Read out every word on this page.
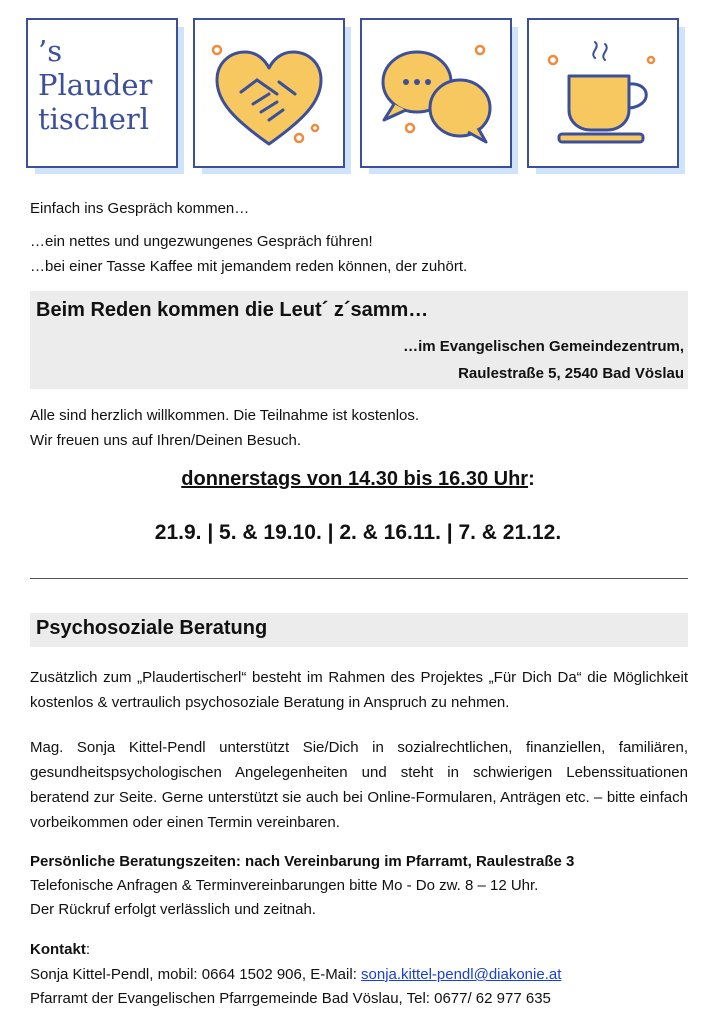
’s
Plauder
tischerl

Einfach ins Gespräch kommen…

…ein nettes und ungezwungenes Gespräch führen!

…bei einer Tasse Kaffee mit jemandem reden können, der zuhört.

Beim Reden kommen die Leut´ z´samm…
…im Evangelischen Gemeindezentrum,
Raulestraße 5, 2540 Bad Vöslau

Alle sind herzlich willkommen. Die Teilnahme ist kostenlos.

Wir freuen uns auf Ihren/Deinen Besuch.

donnerstags von 14.30 bis 16.30 Uhr:
21.9. | 5. & 19.10. | 2. & 16.11. | 7. & 21.12.
Psychosoziale Beratung

Zusätzlich zum „Plaudertischerl“ besteht im Rahmen des Projektes „Für Dich Da“ die Möglichkeit kostenlos & vertraulich psychosoziale Beratung in Anspruch zu nehmen.

Mag. Sonja Kittel-Pendl unterstützt Sie/Dich in sozialrechtlichen, finanziellen, familiären, gesundheitspsychologischen Angelegenheiten und steht in schwierigen Lebenssituationen beratend zur Seite. Gerne unterstützt sie auch bei Online-Formularen, Anträgen etc. – bitte einfach vorbeikommen oder einen Termin vereinbaren.

Persönliche Beratungszeiten: nach Vereinbarung im Pfarramt, Raulestraße 3

Telefonische Anfragen & Terminvereinbarungen bitte Mo - Do zw. 8 – 12 Uhr.

Der Rückruf erfolgt verlässlich und zeitnah.

Kontakt:

Sonja Kittel-Pendl, mobil: 0664 1502 906, E-Mail: sonja.kittel-pendl@diakonie.at

Pfarramt der Evangelischen Pfarrgemeinde Bad Vöslau, Tel: 0677/ 62 977 635
